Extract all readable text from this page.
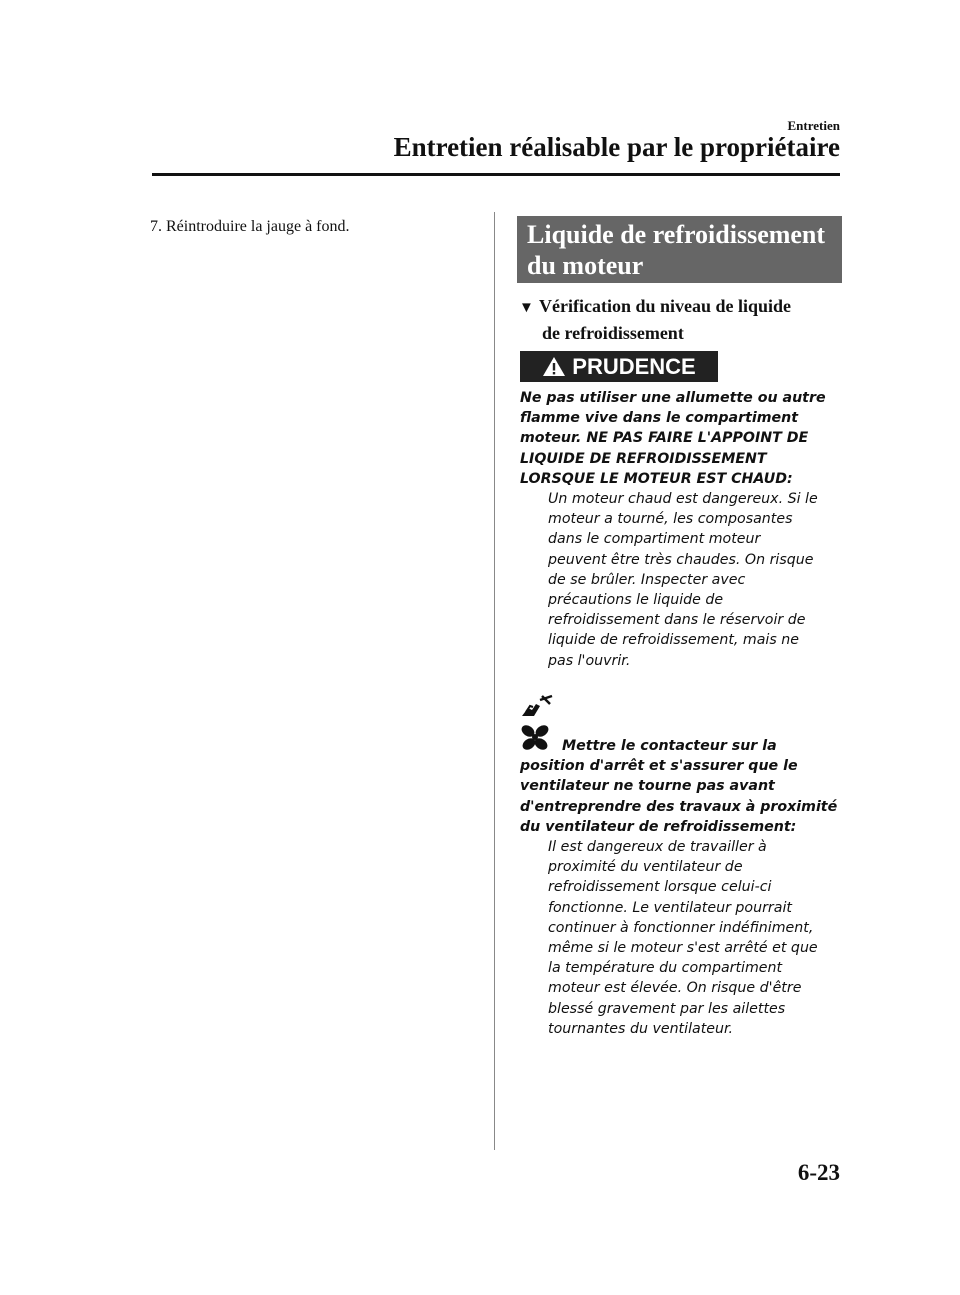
Entretien
Entretien réalisable par le propriétaire
7. Réintroduire la jauge à fond.	Liquide de refroidissement
du moteur
▼ Vérification du niveau de liquide
de refroidissement
PRUDENCE
Ne pas utiliser une allumette ou autre
flamme vive dans le compartiment
moteur. NE PAS FAIRE L'APPOINT DE
LIQUIDE DE REFROIDISSEMENT
LORSQUE LE MOTEUR EST CHAUD:
Un moteur chaud est dangereux. Si le
moteur a tourné, les composantes
dans le compartiment moteur
peuvent être très chaudes. On risque
de se brûler. Inspecter avec
précautions le liquide de
refroidissement dans le réservoir de
liquide de refroidissement, mais ne
pas l'ouvrir.
Mettre le contacteur sur la
position d'arrêt et s'assurer que le
ventilateur ne tourne pas avant
d'entreprendre des travaux à proximité
du ventilateur de refroidissement:
Il est dangereux de travailler à
proximité du ventilateur de
refroidissement lorsque celui-ci
fonctionne. Le ventilateur pourrait
continuer à fonctionner indéfiniment,
même si le moteur s'est arrêté et que
la température du compartiment
moteur est élevée. On risque d'être
blessé gravement par les ailettes
tournantes du ventilateur.
6-23
